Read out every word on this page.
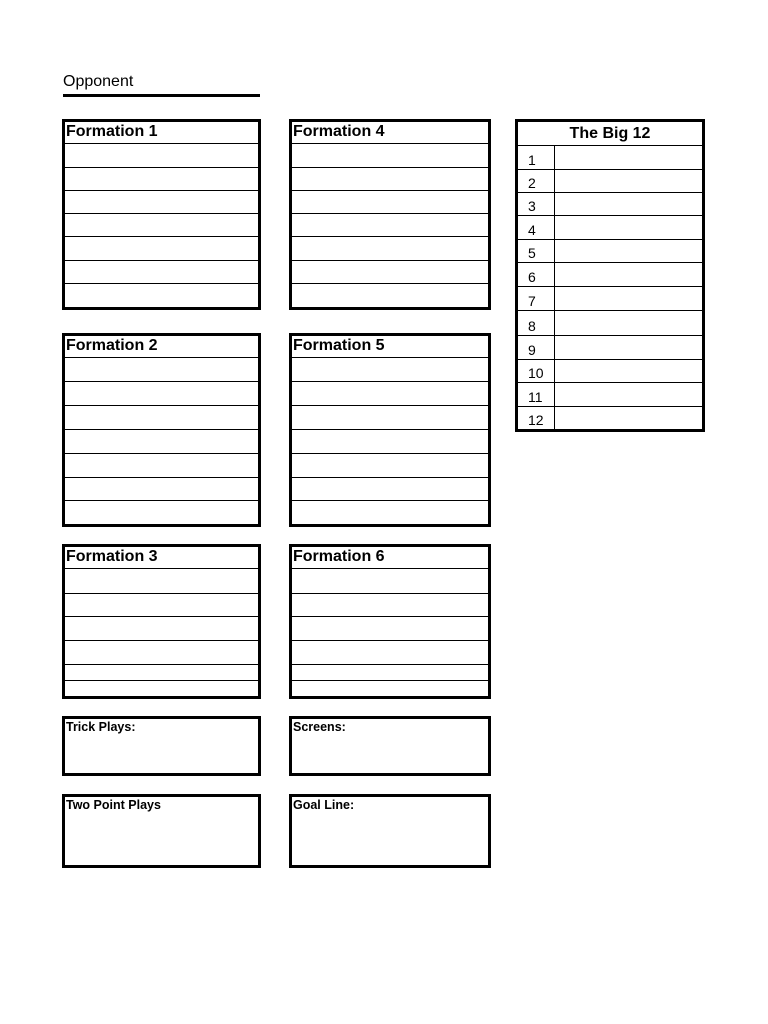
Opponent
Formation 1	Formation 4
Formation 2	Formation 5
Formation 3	Formation 6
Trick Plays:	Screens:
Two Point Plays	Goal Line:
The Big 12
1
2
3
4
5
6
7
8
9
10
11
12
